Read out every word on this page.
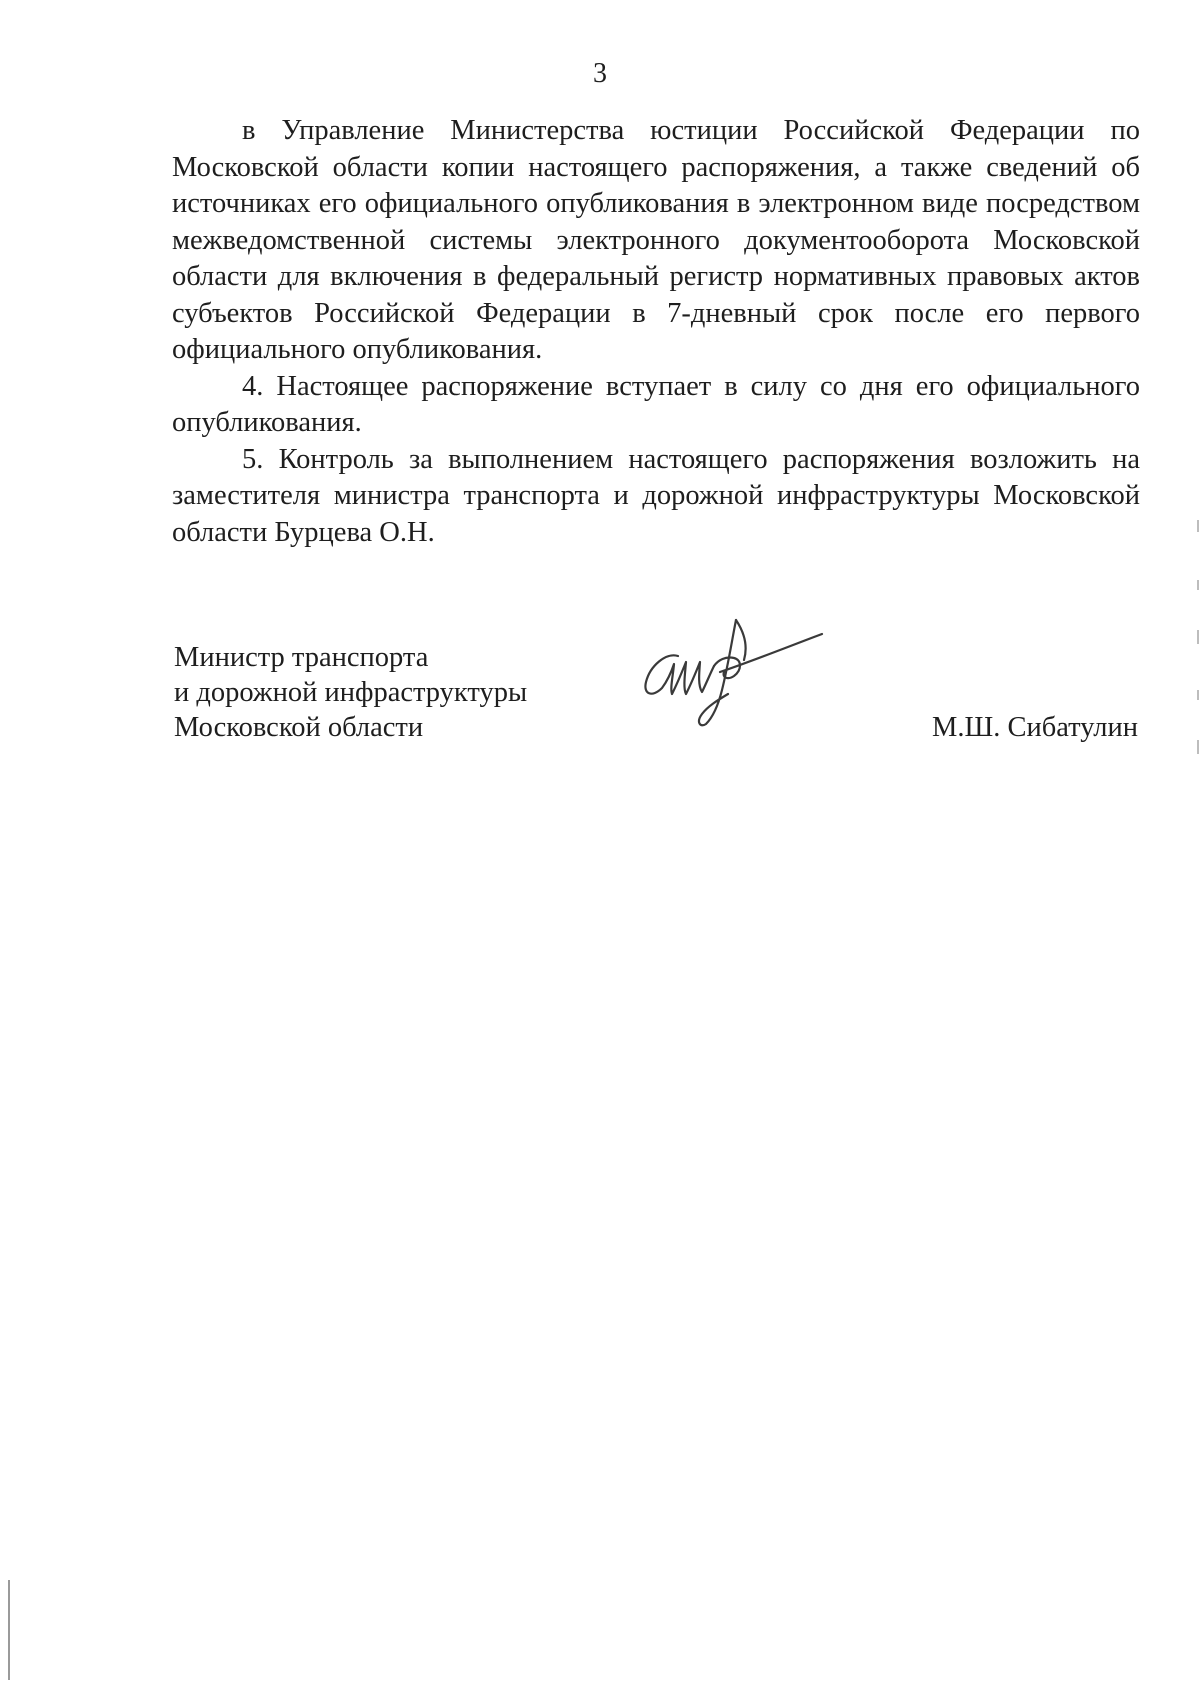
3

в Управление Министерства юстиции Российской Федерации по Московской области копии настоящего распоряжения, а также сведений об источниках его официального опубликования в электронном виде посредством межведомственной системы электронного документооборота Московской области для включения в федеральный регистр нормативных правовых актов субъектов Российской Федерации в 7-дневный срок после его первого официального опубликования.

4. Настоящее распоряжение вступает в силу со дня его официального опубликования.

5. Контроль за выполнением настоящего распоряжения возложить на заместителя министра транспорта и дорожной инфраструктуры Московской области Бурцева О.Н.

Министр транспорта
и дорожной инфраструктуры
Московской области	М.Ш. Сибатулин
